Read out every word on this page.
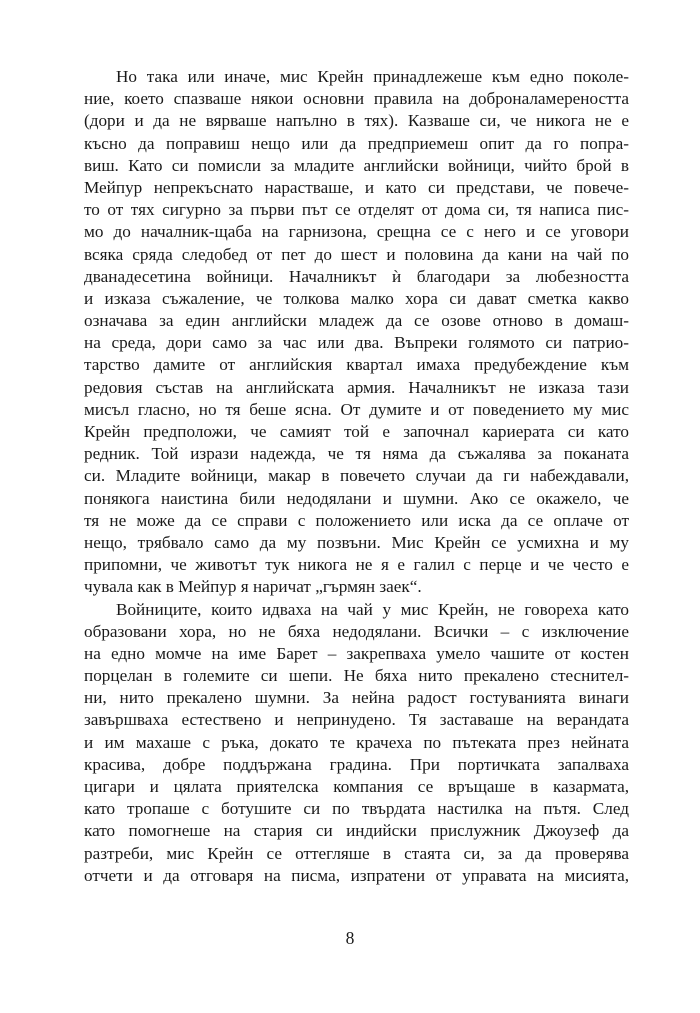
Но така или иначе, мис Крейн принадлежеше към едно поколе-
ние, което спазваше някои основни правила на доброналамереността
(дори и да не вярваше напълно в тях). Казваше си, че никога не е
късно да поправиш нещо или да предприемеш опит да го попра-
виш. Като си помисли за младите английски войници, чийто брой в
Мейпур непрекъснато нарастваше, и като си представи, че повече-
то от тях сигурно за първи път се отделят от дома си, тя написа пис-
мо до началник-щаба на гарнизона, срещна се с него и се уговори
всяка сряда следобед от пет до шест и половина да кани на чай по
дванадесетина войници. Началникът ѝ благодари за любезността
и изказа съжаление, че толкова малко хора си дават сметка какво
означава за един английски младеж да се озове отново в домаш-
на среда, дори само за час или два. Въпреки голямото си патрио-
тарство дамите от английския квартал имаха предубеждение към
редовия състав на английската армия. Началникът не изказа тази
мисъл гласно, но тя беше ясна. От думите и от поведението му мис
Крейн предположи, че самият той е започнал кариерата си като
редник. Той изрази надежда, че тя няма да съжалява за поканата
си. Младите войници, макар в повечето случаи да ги набеждавали,
понякога наистина били недодялани и шумни. Ако се окажело, че
тя не може да се справи с положението или иска да се оплаче от
нещо, трябвало само да му позвъни. Мис Крейн се усмихна и му
припомни, че животът тук никога не я е галил с перце и че често е
чувала как в Мейпур я наричат „гърмян заек“.
Войниците, които идваха на чай у мис Крейн, не говореха като
образовани хора, но не бяха недодялани. Всички – с изключение
на едно момче на име Барет – закрепваха умело чашите от костен
порцелан в големите си шепи. Не бяха нито прекалено стеснител-
ни, нито прекалено шумни. За нейна радост гостуванията винаги
завършваха естествено и непринудено. Тя заставаше на верандата
и им махаше с ръка, докато те крачеха по пътеката през нейната
красива, добре поддържана градина. При портичката запалваха
цигари и цялата приятелска компания се връщаше в казармата,
като тропаше с ботушите си по твърдата настилка на пътя. След
като помогнеше на стария си индийски прислужник Джоузеф да
разтреби, мис Крейн се оттегляше в стаята си, за да проверява
отчети и да отговаря на писма, изпратени от управата на мисията,
8
